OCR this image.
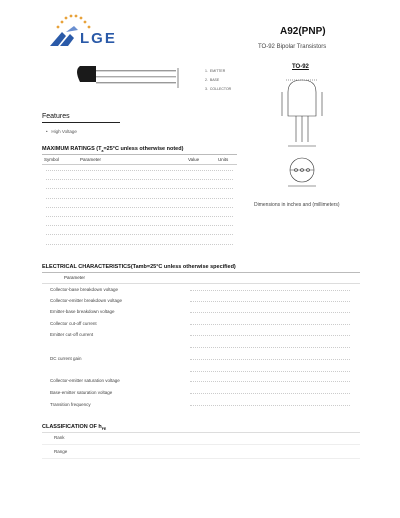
LGE	A92(PNP)
TO-92 Bipolar Transistors
1. EMITTER
2. BASE
3. COLLECTOR
TO-92
Dimensions in inches and (millimeters)
Features
• High Voltage
MAXIMUM RATINGS ($T_a=25^\circ C$ unless otherwise noted)
Symbol	Parameter	Value	Units
ELECTRICAL CHARACTERISTICS(Tamb=25°C unless otherwise specified)
Parameter
Collector-base breakdown voltage
Collector-emitter breakdown voltage
Emitter-base breakdown voltage
Collector cut-off current
Emitter cut-off current
DC current gain
Collector-emitter saturation voltage
Base-emitter saturation voltage
Transition frequency
CLASSIFICATION OF $h_{FE}$
Rank
Range
